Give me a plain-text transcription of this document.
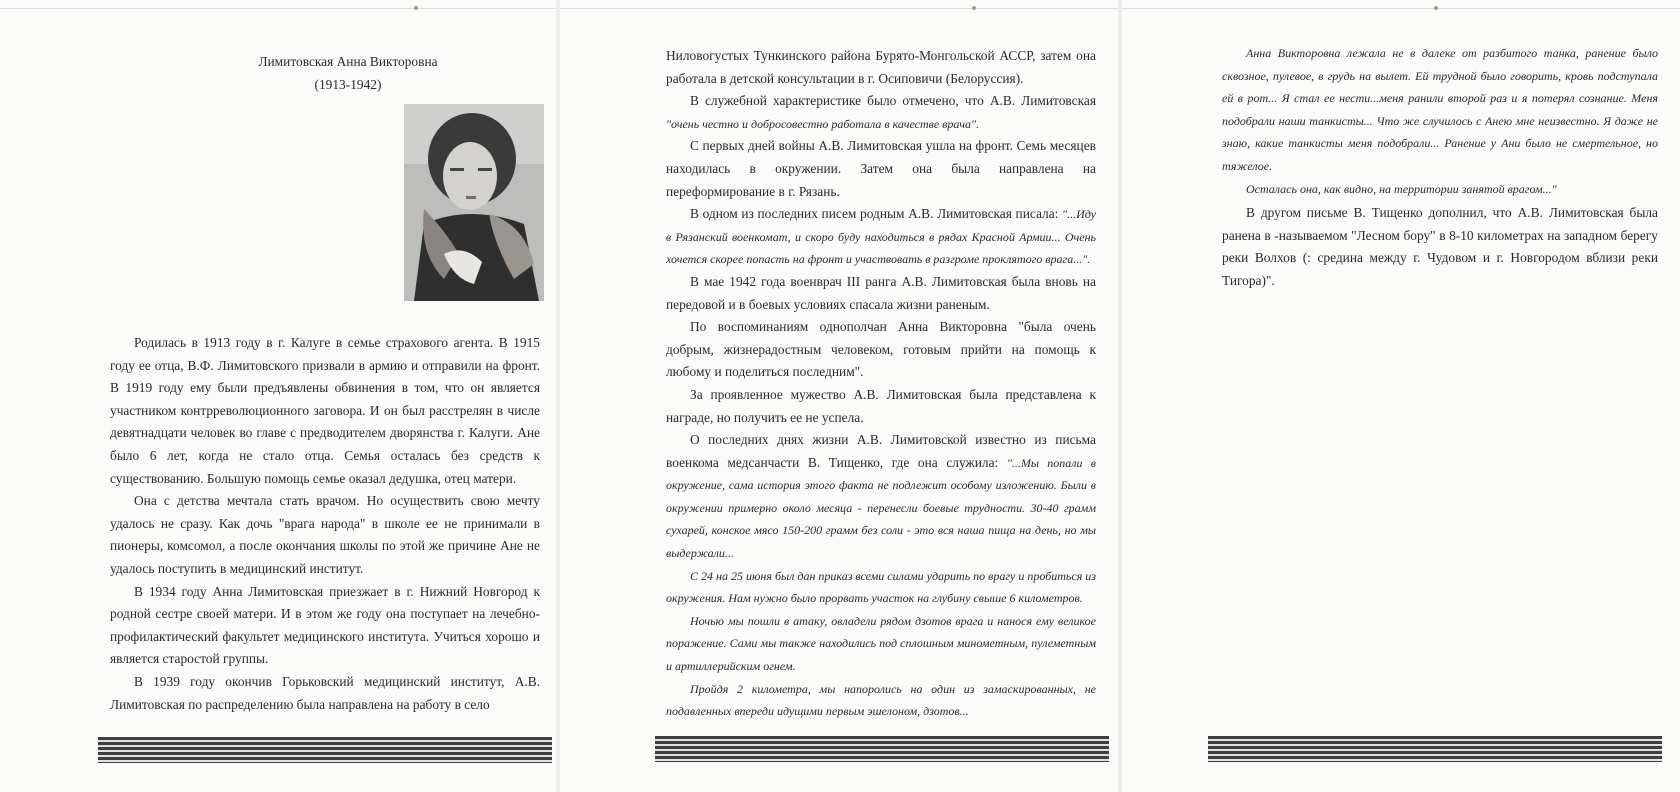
Лимитовская Анна Викторовна

(1913-1942)

Родилась в 1913 году в г. Калуге в семье страхового агента. В 1915 году ее отца, В.Ф. Лимитовского призвали в армию и отправили на фронт. В 1919 году ему были предъявлены обвинения в том, что он является участником контрреволюционного заговора. И он был расстрелян в числе девятнадцати человек во главе с предводителем дворянства г. Калуги. Ане было 6 лет, когда не стало отца. Семья осталась без средств к существованию. Большую помощь семье оказал дедушка, отец матери.

Она с детства мечтала стать врачом. Но осуществить свою мечту удалось не сразу. Как дочь "врага народа" в школе ее не принимали в пионеры, комсомол, а после окончания школы по этой же причине Ане не удалось поступить в медицинский институт.

В 1934 году Анна Лимитовская приезжает в г. Нижний Новгород к родной сестре своей матери. И в этом же году она поступает на лечебно-профилактический факультет медицинского института. Учиться хорошо и является старостой группы.

В 1939 году окончив Горьковский медицинский институт, А.В. Лимитовская по распределению была направлена на работу в село

Ниловогустых Тункинского района Бурято-Монгольской АССР, затем она работала в детской консультации в г. Осиповичи (Белоруссия).

В служебной характеристике было отмечено, что А.В. Лимитовская "очень честно и добросовестно работала в качестве врача".

С первых дней войны А.В. Лимитовская ушла на фронт. Семь месяцев находилась в окружении. Затем она была направлена на переформирование в г. Рязань.

В одном из последних писем родным А.В. Лимитовская писала: "...Иду в Рязанский военкомат, и скоро буду находиться в рядах Красной Армии... Очень хочется скорее попасть на фронт и участвовать в разгроме проклятого врага...".

В мае 1942 года военврач III ранга А.В. Лимитовская была вновь на передовой и в боевых условиях спасала жизни раненым.

По воспоминаниям однополчан Анна Викторовна "была очень добрым, жизнерадостным человеком, готовым прийти на помощь к любому и поделиться последним".

За проявленное мужество А.В. Лимитовская была представлена к награде, но получить ее не успела.

О последних днях жизни А.В. Лимитовской известно из письма военкома медсанчасти В. Тищенко, где она служила: "...Мы попали в окружение, сама история этого факта не подлежит особому изложению. Были в окружении примерно около месяца - перенесли боевые трудности. 30-40 грамм сухарей, конское мясо 150-200 грамм без соли - это вся наша пища на день, но мы выдержали...

С 24 на 25 июня был дан приказ всеми силами ударить по врагу и пробиться из окружения. Нам нужно было прорвать участок на глубину свыше 6 километров.

Ночью мы пошли в атаку, овладели рядом дзотов врага и нанося ему великое поражение. Сами мы также находились под сплошным минометным, пулеметным и артиллерийским огнем.

Пройдя 2 километра, мы напоролись на один из замаскированных, не подавленных впереди идущими первым эшелоном, дзотов...

Анна Викторовна лежала не в далеке от разбитого танка, ранение было сквозное, пулевое, в грудь на вылет. Ей трудной было говорить, кровь подступала ей в рот... Я стал ее нести...меня ранили второй раз и я потерял сознание. Меня подобрали наши танкисты... Что же случилось с Анею мне неизвестно. Я даже не знаю, какие танкисты меня подобрали... Ранение у Ани было не смертельное, но тяжелое.

Осталась она, как видно, на территории занятой врагом..."

В другом письме В. Тищенко дополнил, что А.В. Лимитовская была ранена в -называемом "Лесном бору" в 8-10 километрах на западном берегу реки Волхов (: средина между г. Чудовом и г. Новгородом вблизи реки Тигора)".
